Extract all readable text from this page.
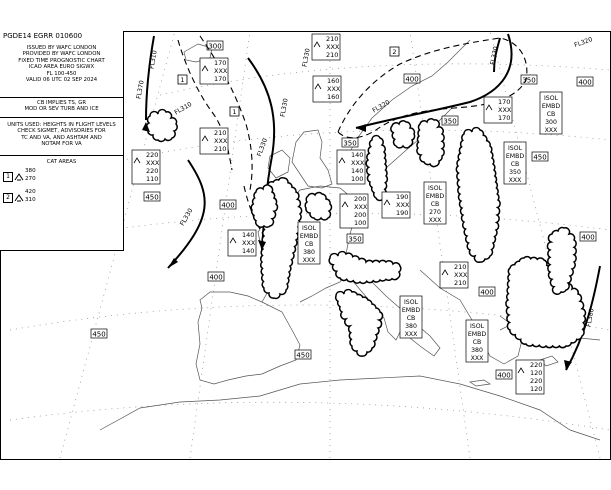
300
400	350	400
350
350
450
400
350	400
400
400
450
450
400
450
FL310
FL370
FL310	FL330
FL330
FL320
FL330
FL330
FL380
FL320
FL330
1
2
1
170
XXX
170
210
XXX
210
160
XXX
160
210
XXX
210
220
XXX
220
110
140
XXX
140
100
200
XXX
200
100
190
XXX
190
170
XXX
170
140
XXX
140
210
XXX
210
220
120
220
120
ISOL
EMBD
CB
300
XXX
ISOL
EMBD
CB
350
XXX
ISOL
EMBD
CB
270
XXX
ISOL
EMBD
CB
380
XXX
ISOL
EMBD
CB
380
XXX
ISOL
EMBD
CB
380
XXX
ISSUED BY WAFC LONDON
PROVIDED BY WAFC LONDON
FIXED TIME PROGNOSTIC CHART
ICAO AREA EURO SIGWX
FL 100-450
VALID 06 UTC 02 SEP 2024
CB IMPLIES TS, GR
MOD OR SEV TURB AND ICE
UNITS USED: HEIGHTS IN FLIGHT LEVELS
CHECK SIGMET, ADVISORIES FOR
TC AND VA, AND ASHTAM AND
NOTAM FOR VA
CAT AREAS
1
380
270
2
420
310
PGDE14 EGRR 010600
